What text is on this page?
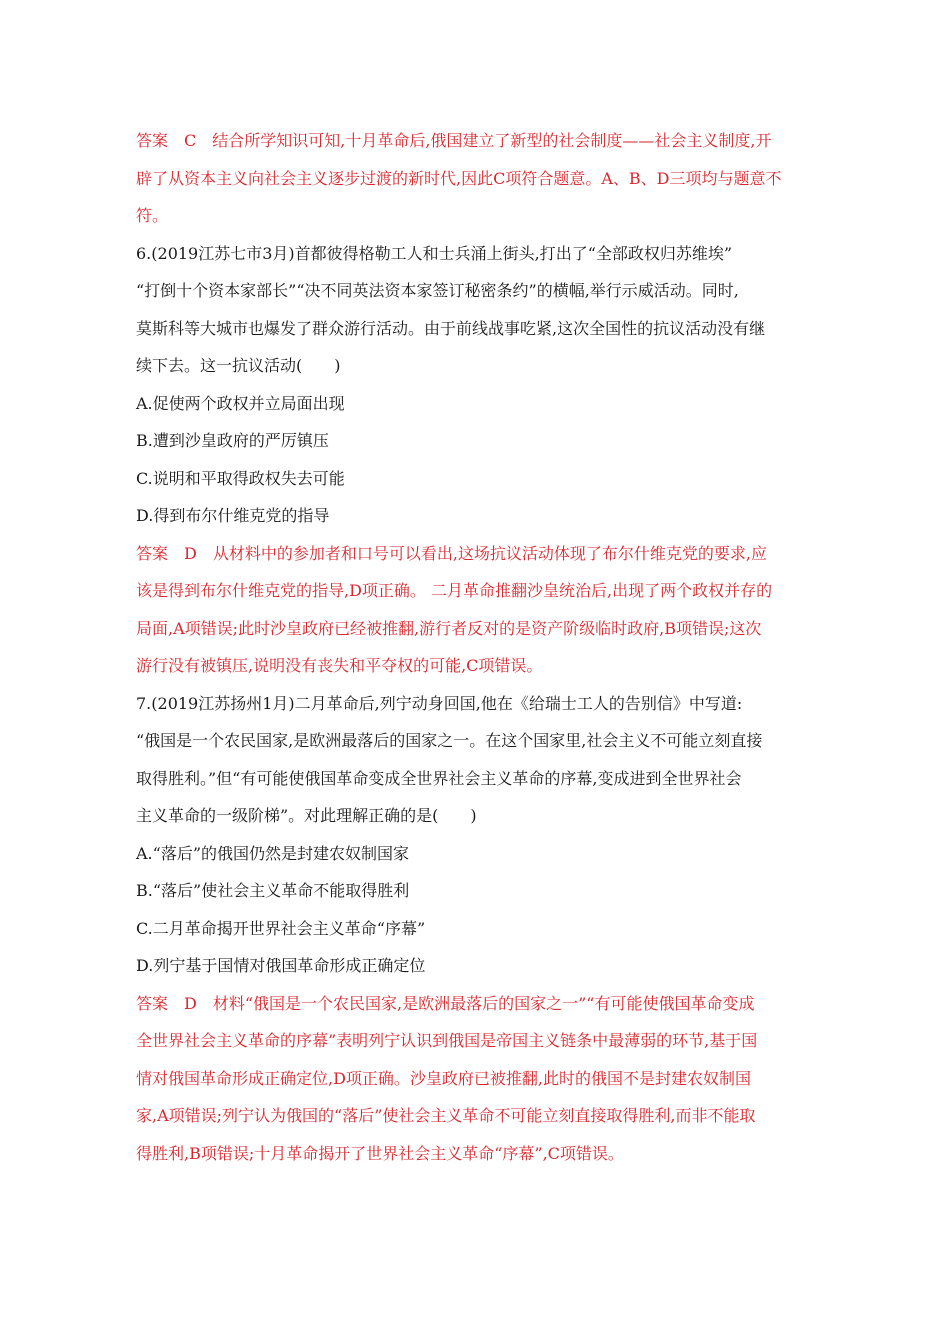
答案　C　结合所学知识可知,十月革命后,俄国建立了新型的社会制度——社会主义制度,开
辟了从资本主义向社会主义逐步过渡的新时代,因此C项符合题意。A、B、D三项均与题意不
符。
6.(2019江苏七市3月)首都彼得格勒工人和士兵涌上街头,打出了“全部政权归苏维埃”
“打倒十个资本家部长”“决不同英法资本家签订秘密条约”的横幅,举行示威活动。同时,
莫斯科等大城市也爆发了群众游行活动。由于前线战事吃紧,这次全国性的抗议活动没有继
续下去。这一抗议活动(　　)
A.促使两个政权并立局面出现
B.遭到沙皇政府的严厉镇压
C.说明和平取得政权失去可能
D.得到布尔什维克党的指导
答案　D　从材料中的参加者和口号可以看出,这场抗议活动体现了布尔什维克党的要求,应
该是得到布尔什维克党的指导,D项正确。 二月革命推翻沙皇统治后,出现了两个政权并存的
局面,A项错误;此时沙皇政府已经被推翻,游行者反对的是资产阶级临时政府,B项错误;这次
游行没有被镇压,说明没有丧失和平夺权的可能,C项错误。
7.(2019江苏扬州1月)二月革命后,列宁动身回国,他在《给瑞士工人的告别信》中写道:
“俄国是一个农民国家,是欧洲最落后的国家之一。在这个国家里,社会主义不可能立刻直接
取得胜利。”但“有可能使俄国革命变成全世界社会主义革命的序幕,变成进到全世界社会
主义革命的一级阶梯”。对此理解正确的是(　　)
A.“落后”的俄国仍然是封建农奴制国家
B.“落后”使社会主义革命不能取得胜利
C.二月革命揭开世界社会主义革命“序幕”
D.列宁基于国情对俄国革命形成正确定位
答案　D　材料“俄国是一个农民国家,是欧洲最落后的国家之一”“有可能使俄国革命变成
全世界社会主义革命的序幕”表明列宁认识到俄国是帝国主义链条中最薄弱的环节,基于国
情对俄国革命形成正确定位,D项正确。沙皇政府已被推翻,此时的俄国不是封建农奴制国
家,A项错误;列宁认为俄国的“落后”使社会主义革命不可能立刻直接取得胜利,而非不能取
得胜利,B项错误;十月革命揭开了世界社会主义革命“序幕”,C项错误。
